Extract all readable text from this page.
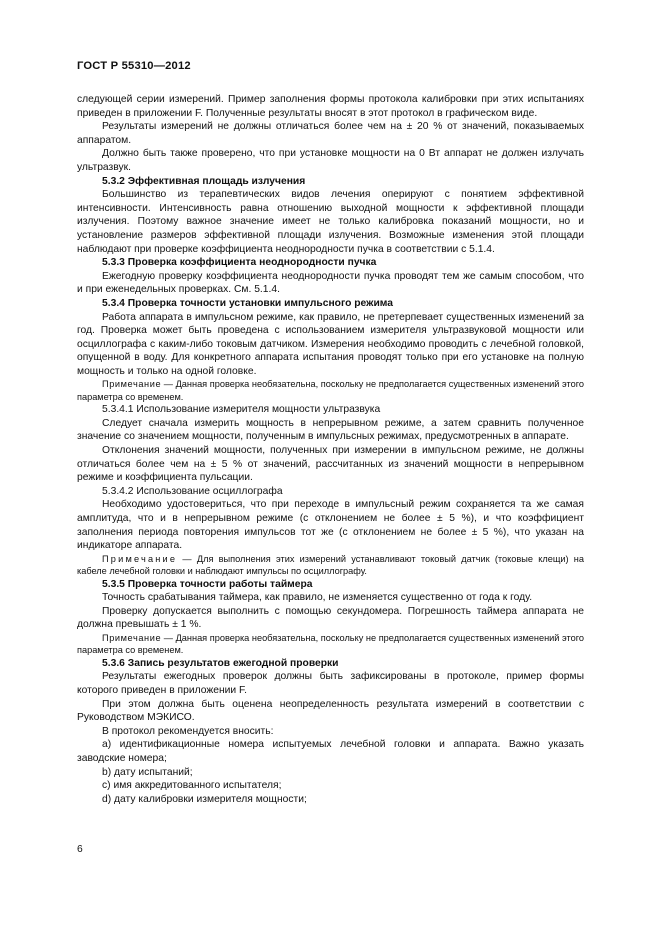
ГОСТ Р 55310—2012

следующей серии измерений. Пример заполнения формы протокола калибровки при этих испытаниях приведен в приложении F. Полученные результаты вносят в этот протокол в графическом виде.

Результаты измерений не должны отличаться более чем на ± 20 % от значений, показываемых аппаратом.

Должно быть также проверено, что при установке мощности на 0 Вт аппарат не должен излучать ультразвук.

5.3.2 Эффективная площадь излучения

Большинство из терапевтических видов лечения оперируют с понятием эффективной интенсивности. Интенсивность равна отношению выходной мощности к эффективной площади излучения. Поэтому важное значение имеет не только калибровка показаний мощности, но и установление размеров эффективной площади излучения. Возможные изменения этой площади наблюдают при проверке коэффициента неоднородности пучка в соответствии с 5.1.4.

5.3.3 Проверка коэффициента неоднородности пучка

Ежегодную проверку коэффициента неоднородности пучка проводят тем же самым способом, что и при еженедельных проверках. См. 5.1.4.

5.3.4 Проверка точности установки импульсного режима

Работа аппарата в импульсном режиме, как правило, не претерпевает существенных изменений за год. Проверка может быть проведена с использованием измерителя ультразвуковой мощности или осциллографа с каким-либо токовым датчиком. Измерения необходимо проводить с лечебной головкой, опущенной в воду. Для конкретного аппарата испытания проводят только при его установке на полную мощность и только на одной головке.

Примечание — Данная проверка необязательна, поскольку не предполагается существенных изменений этого параметра со временем.

5.3.4.1 Использование измерителя мощности ультразвука

Следует сначала измерить мощность в непрерывном режиме, а затем сравнить полученное значение со значением мощности, полученным в импульсных режимах, предусмотренных в аппарате.

Отклонения значений мощности, полученных при измерении в импульсном режиме, не должны отличаться более чем на ± 5 % от значений, рассчитанных из значений мощности в непрерывном режиме и коэффициента пульсации.

5.3.4.2 Использование осциллографа

Необходимо удостовериться, что при переходе в импульсный режим сохраняется та же самая амплитуда, что и в непрерывном режиме (с отклонением не более ± 5 %), и что коэффициент заполнения периода повторения импульсов тот же (с отклонением не более ± 5 %), что указан на индикаторе аппарата.

Примечание — Для выполнения этих измерений устанавливают токовый датчик (токовые клещи) на кабеле лечебной головки и наблюдают импульсы по осциллографу.

5.3.5 Проверка точности работы таймера

Точность срабатывания таймера, как правило, не изменяется существенно от года к году.

Проверку допускается выполнить с помощью секундомера. Погрешность таймера аппарата не должна превышать ± 1 %.

Примечание — Данная проверка необязательна, поскольку не предполагается существенных изменений этого параметра со временем.

5.3.6 Запись результатов ежегодной проверки

Результаты ежегодных проверок должны быть зафиксированы в протоколе, пример формы которого приведен в приложении F.

При этом должна быть оценена неопределенность результата измерений в соответствии с Руководством МЭКИСО.

В протокол рекомендуется вносить:

а) идентификационные номера испытуемых лечебной головки и аппарата. Важно указать заводские номера;

b) дату испытаний;

с) имя аккредитованного испытателя;

d) дату калибровки измерителя мощности;

6
